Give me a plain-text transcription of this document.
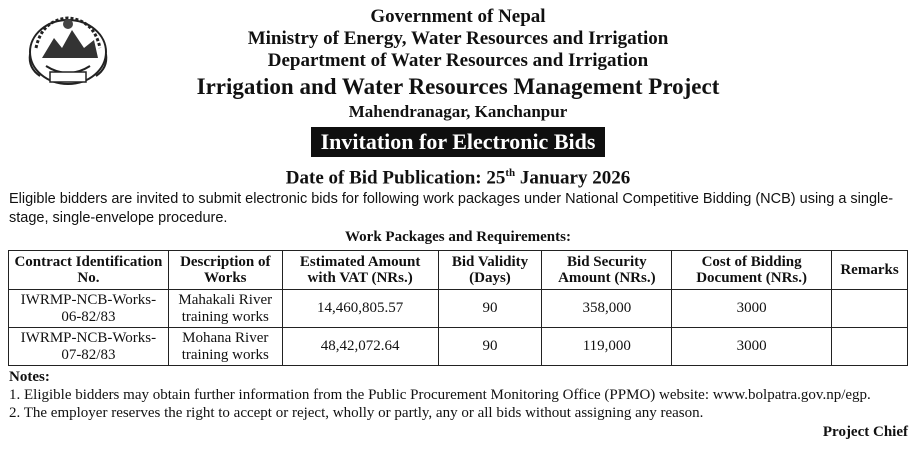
Government of Nepal
Ministry of Energy, Water Resources and Irrigation
Department of Water Resources and Irrigation
Irrigation and Water Resources Management Project
Mahendranagar, Kanchanpur
Invitation for Electronic Bids
Date of Bid Publication: 25th January 2026
Eligible bidders are invited to submit electronic bids for following work packages under National Competitive Bidding (NCB) using a single-stage, single-envelope procedure.
Work Packages and Requirements:
Contract Identification No.	Description of Works	Estimated Amount with VAT (NRs.)	Bid Validity (Days)	Bid Security Amount (NRs.)	Cost of Bidding Document (NRs.)	Remarks
IWRMP-NCB-Works-06-82/83	Mahakali River training works	14,460,805.57	90	358,000	3000	
IWRMP-NCB-Works-07-82/83	Mohana River training works	48,42,072.64	90	119,000	3000	
Notes:
1. Eligible bidders may obtain further information from the Public Procurement Monitoring Office (PPMO) website: www.bolpatra.gov.np/egp.
2. The employer reserves the right to accept or reject, wholly or partly, any or all bids without assigning any reason.
Project Chief
